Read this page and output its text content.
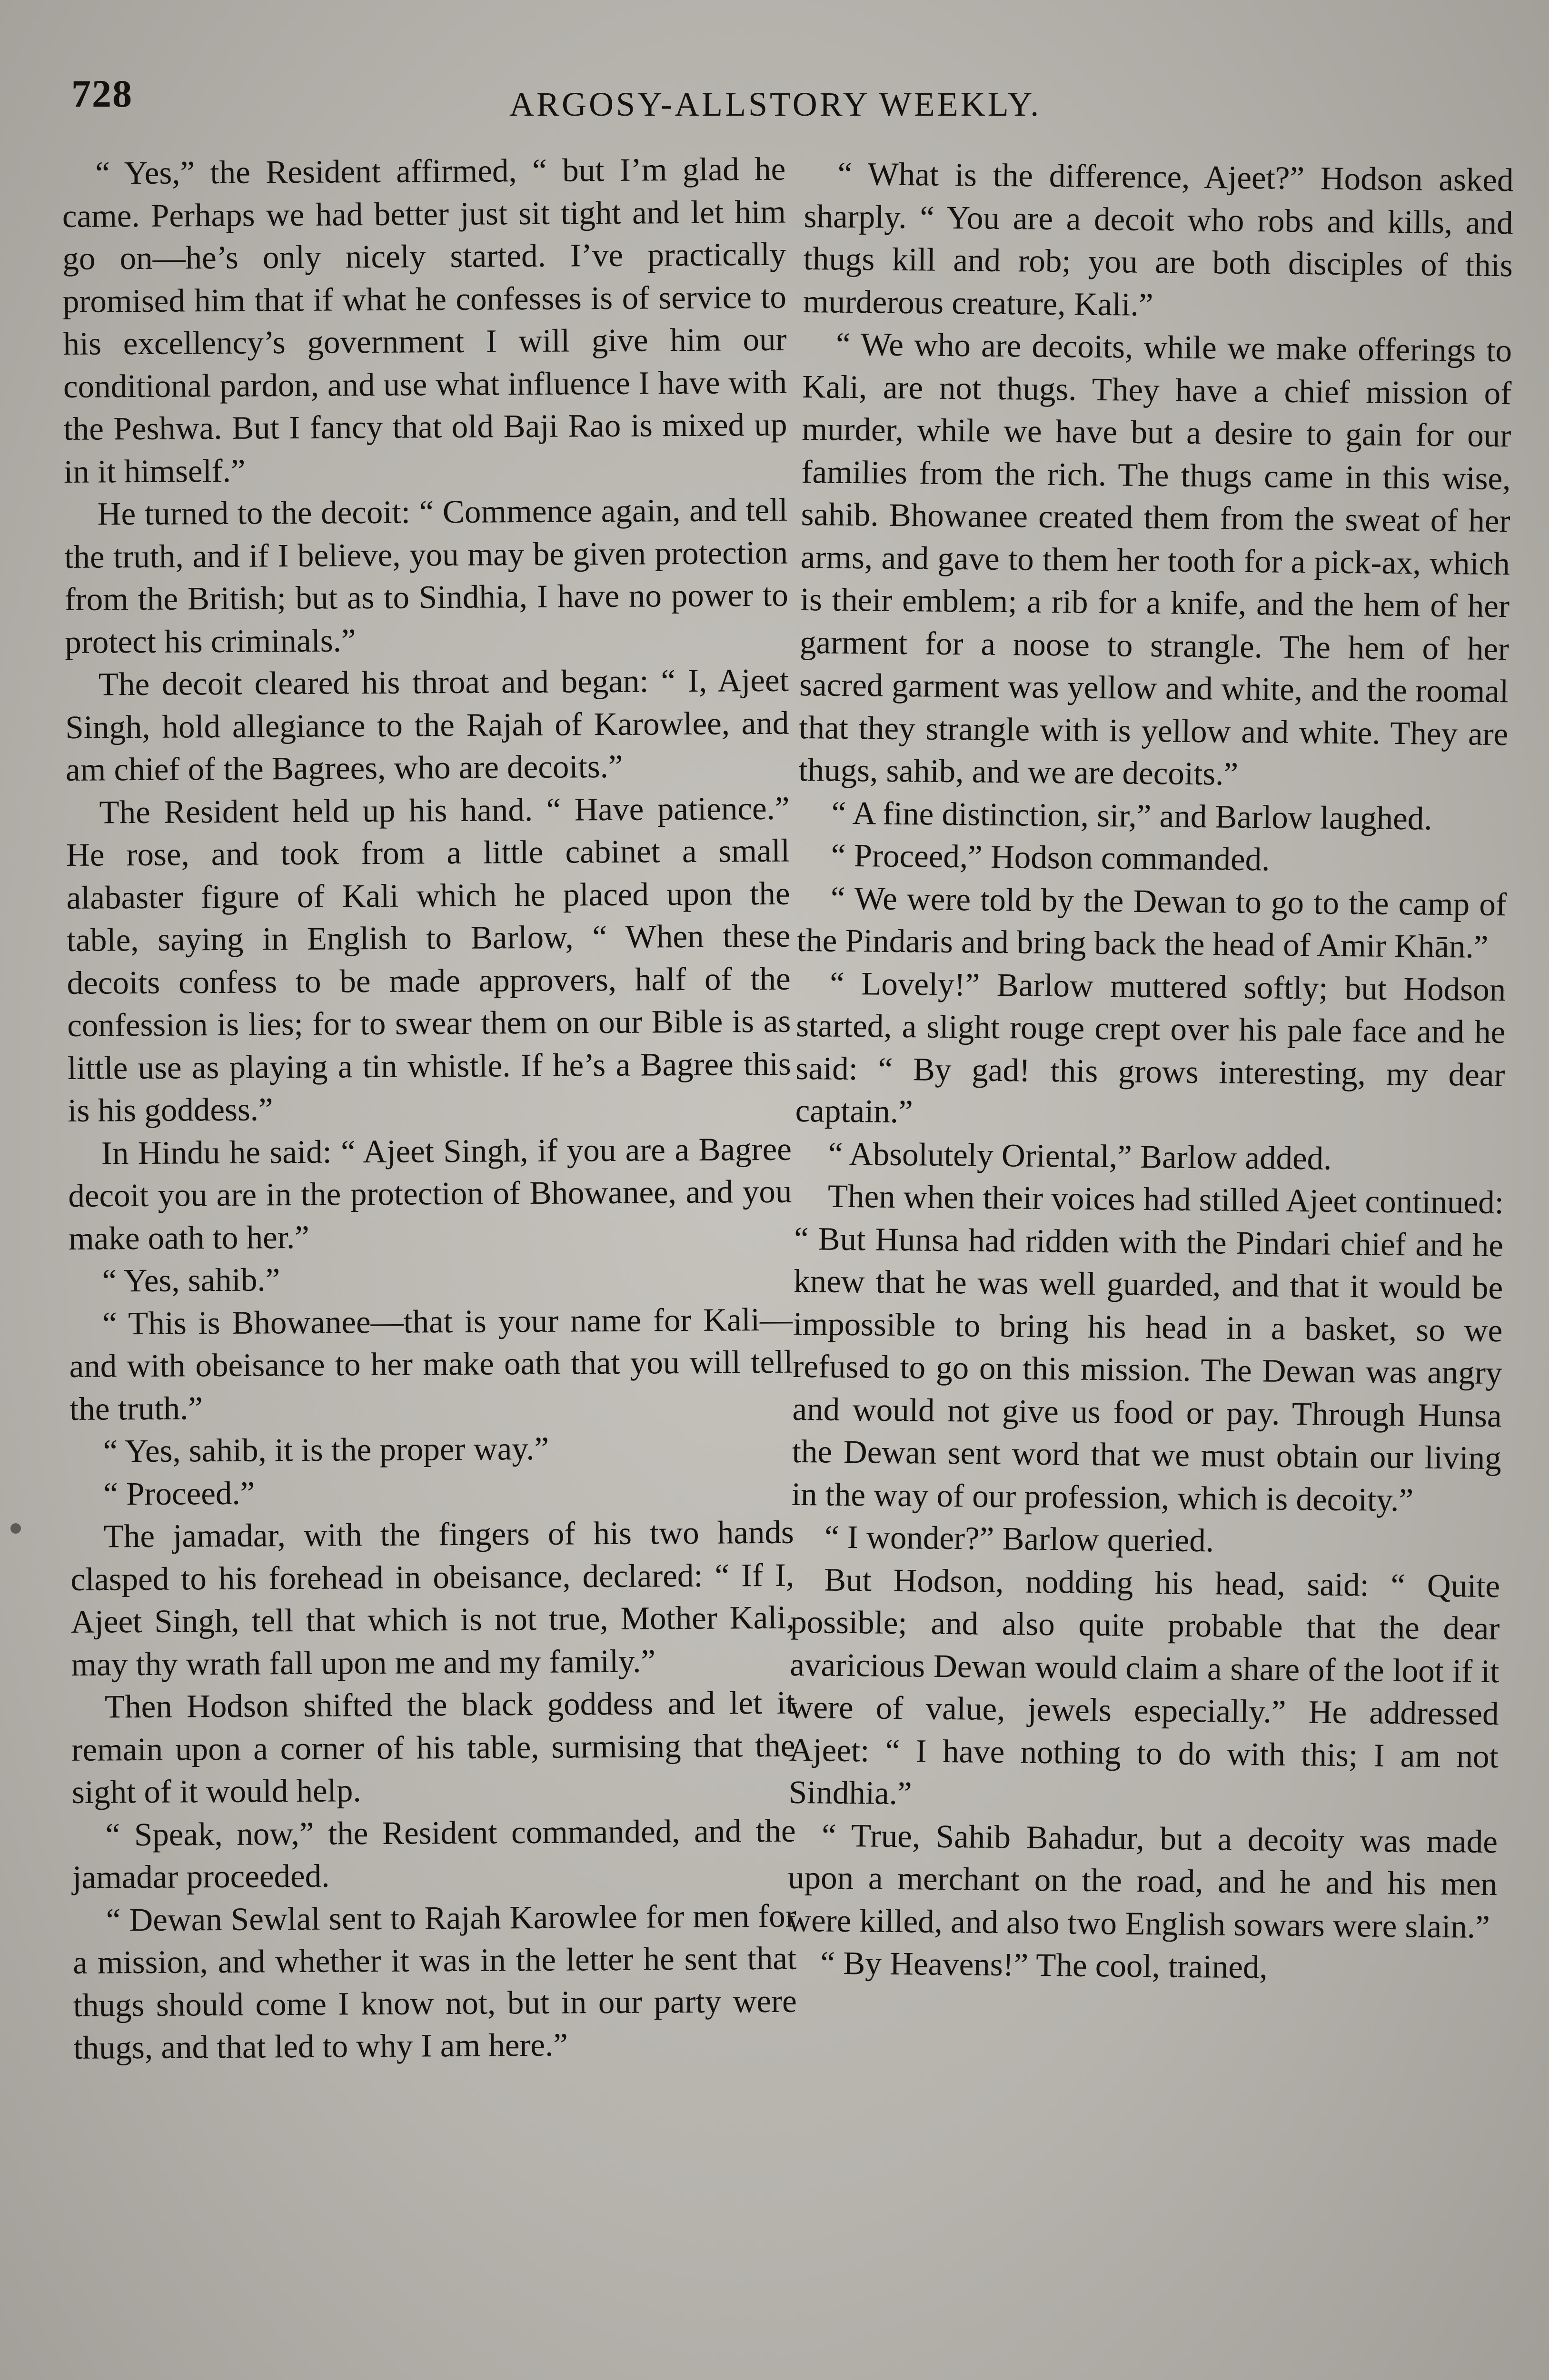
728	ARGOSY-ALLSTORY WEEKLY.

“ Yes,” the Resident affirmed, “ but I’m glad he came. Perhaps we had better just sit tight and let him go on—he’s only nicely started. I’ve practically promised him that if what he confesses is of service to his excellency’s government I will give him our conditional pardon, and use what influence I have with the Peshwa. But I fancy that old Baji Rao is mixed up in it himself.”

He turned to the decoit: “ Commence again, and tell the truth, and if I believe, you may be given protection from the British; but as to Sindhia, I have no power to protect his criminals.”

The decoit cleared his throat and began: “ I, Ajeet Singh, hold allegiance to the Rajah of Karowlee, and am chief of the Bagrees, who are decoits.”

The Resident held up his hand. “ Have patience.” He rose, and took from a little cabinet a small alabaster figure of Kali which he placed upon the table, saying in English to Barlow, “ When these decoits confess to be made approvers, half of the confession is lies; for to swear them on our Bible is as little use as playing a tin whistle. If he’s a Bagree this is his goddess.”

In Hindu he said: “ Ajeet Singh, if you are a Bagree decoit you are in the protection of Bhowanee, and you make oath to her.”

“ Yes, sahib.”

“ This is Bhowanee—that is your name for Kali—and with obeisance to her make oath that you will tell the truth.”

“ Yes, sahib, it is the proper way.”

“ Proceed.”

The jamadar, with the fingers of his two hands clasped to his forehead in obeisance, declared: “ If I, Ajeet Singh, tell that which is not true, Mother Kali, may thy wrath fall upon me and my family.”

Then Hodson shifted the black goddess and let it remain upon a corner of his table, surmising that the sight of it would help.

“ Speak, now,” the Resident commanded, and the jamadar proceeded.

“ Dewan Sewlal sent to Rajah Karowlee for men for a mission, and whether it was in the letter he sent that thugs should come I know not, but in our party were thugs, and that led to why I am here.”

“ What is the difference, Ajeet?” Hodson asked sharply. “ You are a decoit who robs and kills, and thugs kill and rob; you are both disciples of this murderous creature, Kali.”

“ We who are decoits, while we make offerings to Kali, are not thugs. They have a chief mission of murder, while we have but a desire to gain for our families from the rich. The thugs came in this wise, sahib. Bhowanee created them from the sweat of her arms, and gave to them her tooth for a pick-ax, which is their emblem; a rib for a knife, and the hem of her garment for a noose to strangle. The hem of her sacred garment was yellow and white, and the roomal that they strangle with is yellow and white. They are thugs, sahib, and we are decoits.”

“ A fine distinction, sir,” and Barlow laughed.

“ Proceed,” Hodson commanded.

“ We were told by the Dewan to go to the camp of the Pindaris and bring back the head of Amir Khān.”

“ Lovely!” Barlow muttered softly; but Hodson started, a slight rouge crept over his pale face and he said: “ By gad! this grows interesting, my dear captain.”

“ Absolutely Oriental,” Barlow added.

Then when their voices had stilled Ajeet continued: “ But Hunsa had ridden with the Pindari chief and he knew that he was well guarded, and that it would be impossible to bring his head in a basket, so we refused to go on this mission. The Dewan was angry and would not give us food or pay. Through Hunsa the Dewan sent word that we must obtain our living in the way of our profession, which is decoity.”

“ I wonder?” Barlow queried.

But Hodson, nodding his head, said: “ Quite possible; and also quite probable that the dear avaricious Dewan would claim a share of the loot if it were of value, jewels especially.” He addressed Ajeet: “ I have nothing to do with this; I am not Sindhia.”

“ True, Sahib Bahadur, but a decoity was made upon a merchant on the road, and he and his men were killed, and also two English sowars were slain.”

“ By Heavens!” The cool, trained,
